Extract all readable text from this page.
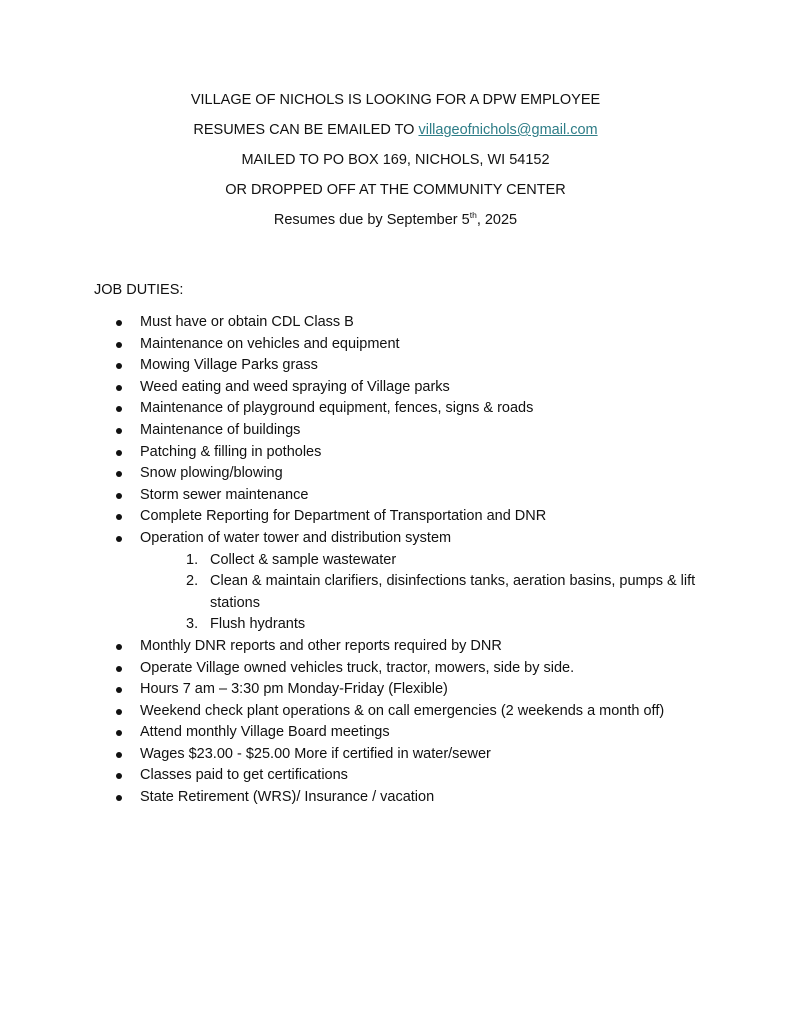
VILLAGE OF NICHOLS IS LOOKING FOR A DPW EMPLOYEE
RESUMES CAN BE EMAILED TO villageofnichols@gmail.com
MAILED TO PO BOX 169, NICHOLS, WI 54152
OR DROPPED OFF AT THE COMMUNITY CENTER
Resumes due by September 5th, 2025
JOB DUTIES:
Must have or obtain CDL Class B
Maintenance on vehicles and equipment
Mowing Village Parks grass
Weed eating and weed spraying of Village parks
Maintenance of playground equipment, fences, signs & roads
Maintenance of buildings
Patching & filling in potholes
Snow plowing/blowing
Storm sewer maintenance
Complete Reporting for Department of Transportation and DNR
Operation of water tower and distribution system
1. Collect & sample wastewater
2. Clean & maintain clarifiers, disinfections tanks, aeration basins, pumps & lift stations
3. Flush hydrants
Monthly DNR reports and other reports required by DNR
Operate Village owned vehicles truck, tractor, mowers, side by side.
Hours 7 am – 3:30 pm Monday-Friday (Flexible)
Weekend check plant operations & on call emergencies (2 weekends a month off)
Attend monthly Village Board meetings
Wages $23.00 - $25.00 More if certified in water/sewer
Classes paid to get certifications
State Retirement (WRS)/ Insurance / vacation
